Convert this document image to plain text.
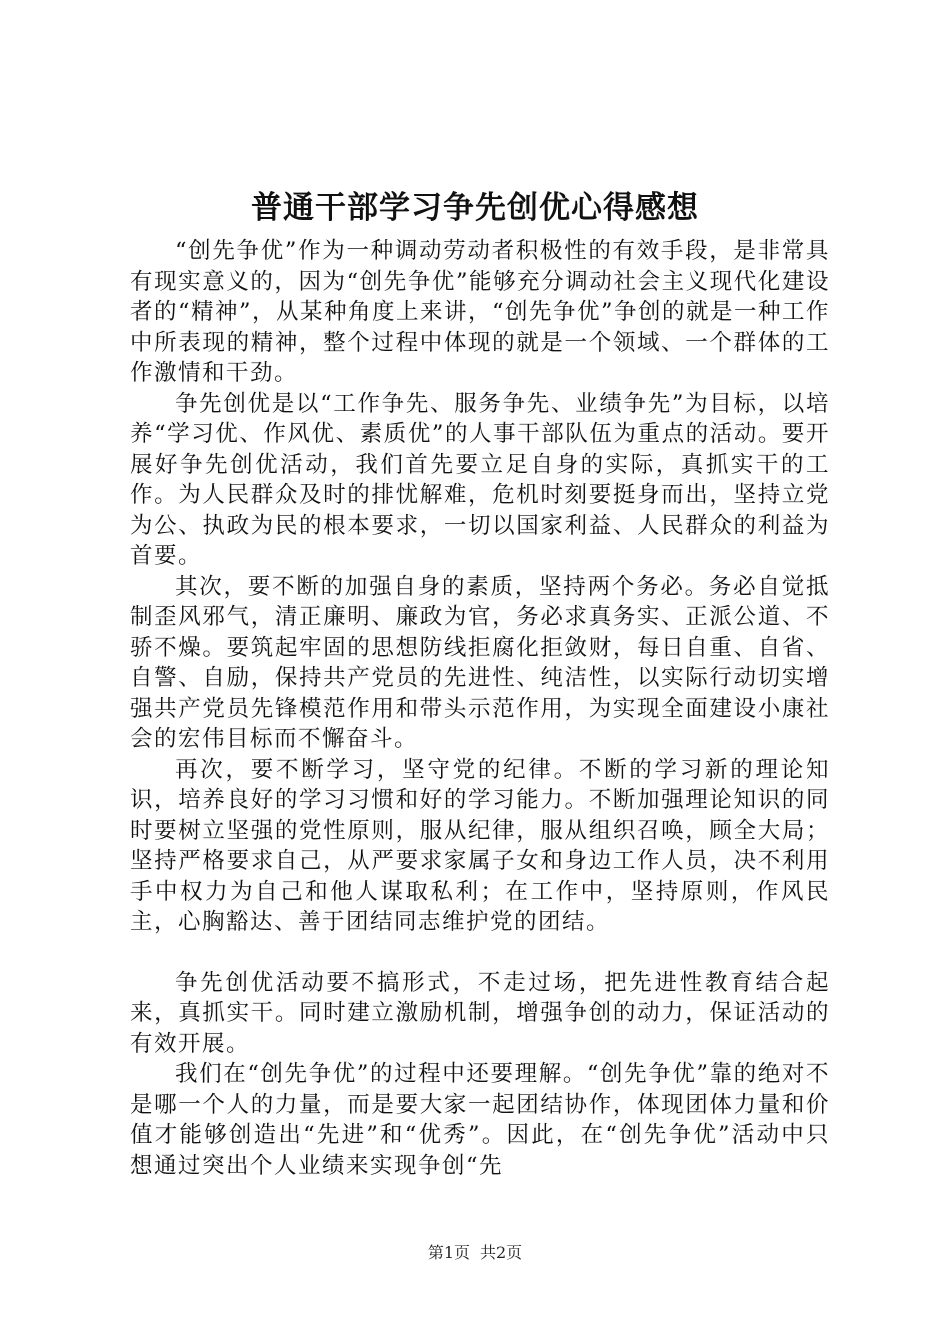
普通干部学习争先创优心得感想

“创先争优”作为一种调动劳动者积极性的有效手段，是非常具有现实意义的，因为“创先争优”能够充分调动社会主义现代化建设者的“精神”，从某种角度上来讲，“创先争优”争创的就是一种工作中所表现的精神，整个过程中体现的就是一个领域、一个群体的工作激情和干劲。

争先创优是以“工作争先、服务争先、业绩争先”为目标，以培养“学习优、作风优、素质优”的人事干部队伍为重点的活动。要开展好争先创优活动，我们首先要立足自身的实际，真抓实干的工作。为人民群众及时的排忧解难，危机时刻要挺身而出，坚持立党为公、执政为民的根本要求，一切以国家利益、人民群众的利益为首要。

其次，要不断的加强自身的素质，坚持两个务必。务必自觉抵制歪风邪气，清正廉明、廉政为官，务必求真务实、正派公道、不骄不燥。要筑起牢固的思想防线拒腐化拒敛财，每日自重、自省、自警、自励，保持共产党员的先进性、纯洁性，以实际行动切实增强共产党员先锋模范作用和带头示范作用，为实现全面建设小康社会的宏伟目标而不懈奋斗。

再次，要不断学习，坚守党的纪律。不断的学习新的理论知识，培养良好的学习习惯和好的学习能力。不断加强理论知识的同时要树立坚强的党性原则，服从纪律，服从组织召唤，顾全大局；坚持严格要求自己，从严要求家属子女和身边工作人员，决不利用手中权力为自己和他人谋取私利；在工作中，坚持原则，作风民主，心胸豁达、善于团结同志维护党的团结。

争先创优活动要不搞形式，不走过场，把先进性教育结合起来，真抓实干。同时建立激励机制，增强争创的动力，保证活动的有效开展。

我们在“创先争优”的过程中还要理解。“创先争优”靠的绝对不是哪一个人的力量，而是要大家一起团结协作，体现团体力量和价值才能够创造出“先进”和“优秀”。因此，在“创先争优”活动中只想通过突出个人业绩来实现争创“先

第1页 共2页
